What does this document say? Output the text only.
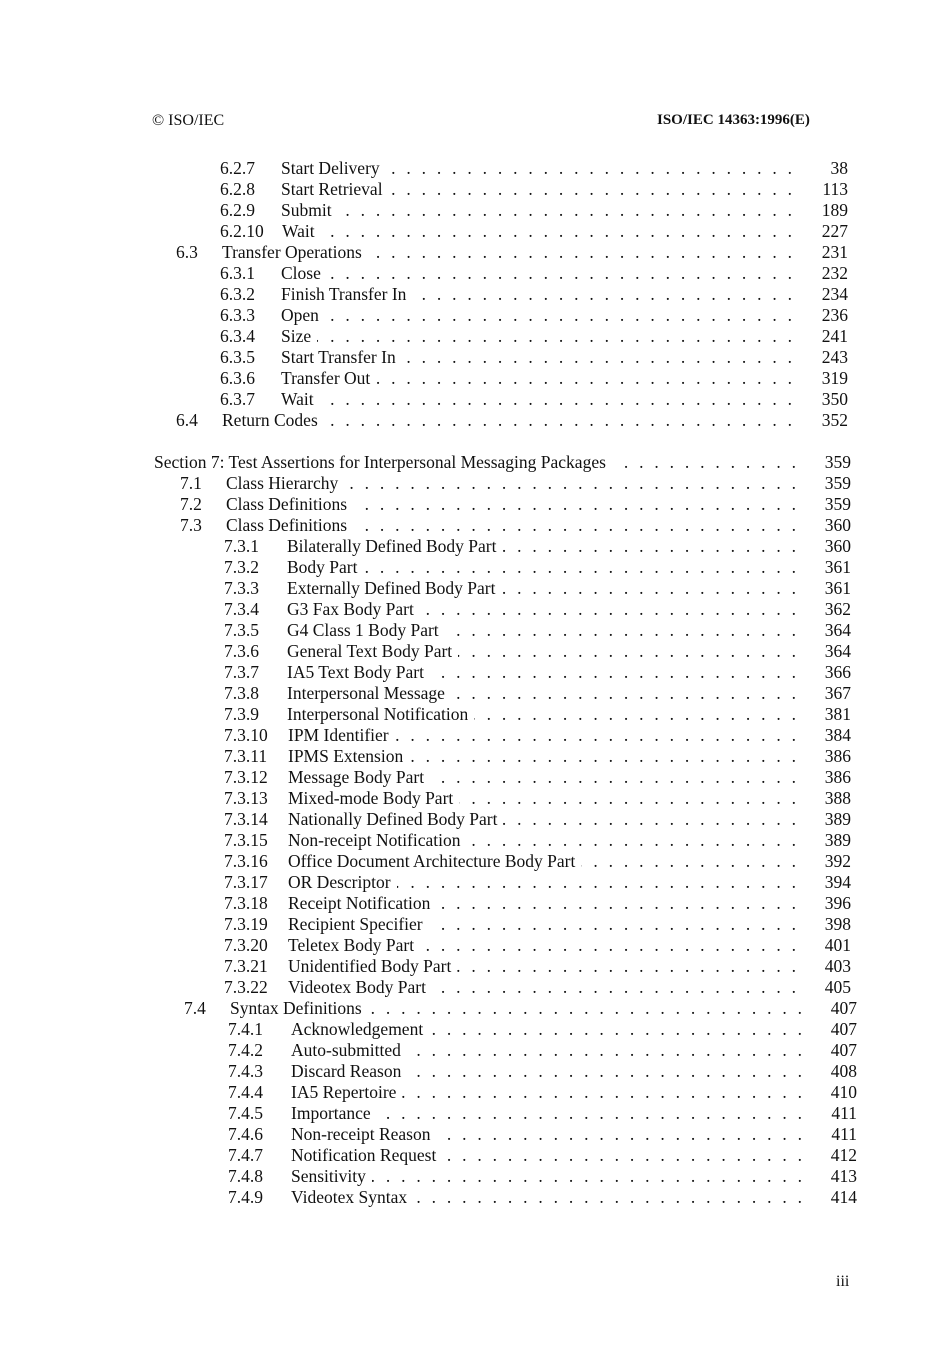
© ISO/IEC	ISO/IEC 14363:1996(E)
6.2.7 Start Delivery . . .	38
6.2.8 Start Retrieval . . .	113
6.2.9 Submit . . .	189
6.2.10 Wait . . .	227
6.3 Transfer Operations . . .	231
6.3.1 Close . . .	232
6.3.2 Finish Transfer In . . .	234
6.3.3 Open . . .	236
6.3.4 Size . . .	241
6.3.5 Start Transfer In . . .	243
6.3.6 Transfer Out . . .	319
6.3.7 Wait . . .	350
6.4 Return Codes . . .	352
Section 7: Test Assertions for Interpersonal Messaging Packages . . .	359
7.1 Class Hierarchy . . .	359
7.2 Class Definitions . . .	359
7.3 Class Definitions . . .	360
7.3.1 Bilaterally Defined Body Part . . .	360
7.3.2 Body Part . . .	361
7.3.3 Externally Defined Body Part . . .	361
7.3.4 G3 Fax Body Part . . .	362
7.3.5 G4 Class 1 Body Part . . .	364
7.3.6 General Text Body Part . . .	364
7.3.7 IA5 Text Body Part . . .	366
7.3.8 Interpersonal Message . . .	367
7.3.9 Interpersonal Notification . . .	381
7.3.10 IPM Identifier . . .	384
7.3.11 IPMS Extension . . .	386
7.3.12 Message Body Part . . .	386
7.3.13 Mixed-mode Body Part . . .	388
7.3.14 Nationally Defined Body Part . . .	389
7.3.15 Non-receipt Notification . . .	389
7.3.16 Office Document Architecture Body Part . . .	392
7.3.17 OR Descriptor . . .	394
7.3.18 Receipt Notification . . .	396
7.3.19 Recipient Specifier . . .	398
7.3.20 Teletex Body Part . . .	401
7.3.21 Unidentified Body Part . . .	403
7.3.22 Videotex Body Part . . .	405
7.4 Syntax Definitions . . .	407
7.4.1 Acknowledgement . . .	407
7.4.2 Auto-submitted . . .	407
7.4.3 Discard Reason . . .	408
7.4.4 IA5 Repertoire . . .	410
7.4.5 Importance . . .	411
7.4.6 Non-receipt Reason . . .	411
7.4.7 Notification Request . . .	412
7.4.8 Sensitivity . . .	413
7.4.9 Videotex Syntax . . .	414
iii
